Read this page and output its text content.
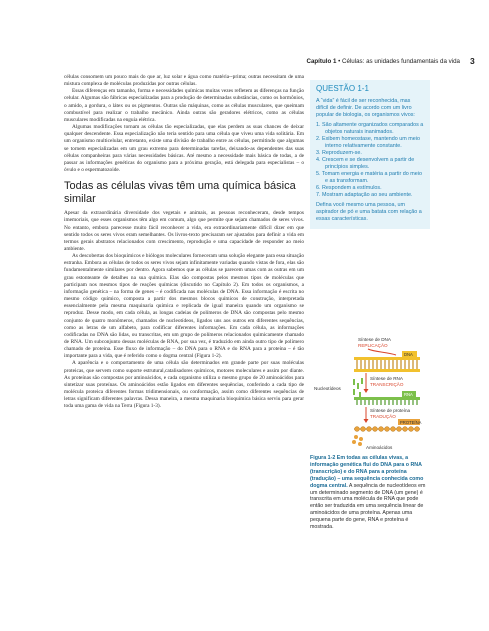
Capítulo 1 • Células: as unidades fundamentais da vida 3

células consomem um pouco mais do que ar, luz solar e água como matéria--prima; outras necessitam de uma mistura complexa de moléculas produzidas por outras células.

Essas diferenças em tamanho, forma e necessidades químicas muitas vezes refletem as diferenças na função celular. Algumas são fábricas especializadas para a produção de determinadas substâncias, como os hormônios, o amido, a gordura, o látex ou os pigmentos. Outras são máquinas, como as células musculares, que queimam combustível para realizar o trabalho mecânico. Ainda outras são geradores elétricos, como as células musculares modificadas na enguia elétrica.

Algumas modificações tornam as células tão especializadas, que elas perdem as suas chances de deixar qualquer descendente. Essa especialização não teria sentido para uma célula que viveu uma vida solitária. Em um organismo multicelular, entretanto, existe uma divisão de trabalho entre as células, permitindo que algumas se tornem especializadas em um grau extremo para determinadas tarefas, deixando-as dependentes das suas células companheiras para várias necessidades básicas. Até mesmo a necessidade mais básica de todas, a de passar as informações genéticas do organismo para a próxima geração, está delegada para especialistas – o óvulo e o espermatozoide.

Todas as células vivas têm uma química básica similar

Apesar da extraordinária diversidade dos vegetais e animais, as pessoas reconheceram, desde tempos imemoriais, que esses organismos têm algo em comum, algo que permite que sejam chamados de seres vivos. No entanto, embora parecesse muito fácil reconhecer a vida, era extraordinariamente difícil dizer em que sentido todos os seres vivos eram semelhantes. Os livros-texto precisaram ser ajustados para definir a vida em termos gerais abstratos relacionados com crescimento, reprodução e uma capacidade de responder ao meio ambiente.

As descobertas dos bioquímicos e biólogos moleculares forneceram uma solução elegante para essa situação estranha. Embora as células de todos os seres vivos sejam infinitamente variadas quando vistas de fora, elas são fundamentalmente similares por dentro. Agora sabemos que as células se parecem umas com as outras em um grau estonteante de detalhes na sua química. Elas são compostas pelos mesmos tipos de moléculas que participam nos mesmos tipos de reações químicas (discutido no Capítulo 2). Em todos os organismos, a informação genética – na forma de genes – é codificada nas moléculas de DNA. Essa informação é escrita no mesmo código químico, composta a partir dos mesmos blocos químicos de construção, interpretada essencialmente pela mesma maquinaria química e replicada de igual maneira quando um organismo se reproduz. Desse modo, em cada célula, as longas cadeias de polímeros de DNA são compostas pelo mesmo conjunto de quatro monômeros, chamados de nucleotídeos, ligados uns aos outros em diferentes sequências, como as letras de um alfabeto, para codificar diferentes informações. Em cada célula, as informações codificadas no DNA são lidas, ou transcritas, em um grupo de polímeros relacionados quimicamente chamado de RNA. Um subconjunto dessas moléculas de RNA, por sua vez, é traduzido em ainda outro tipo de polímero chamado de proteína. Esse fluxo de informação – do DNA para o RNA e do RNA para a proteína – é tão importante para a vida, que é referido como o dogma central (Figura 1-2).

A aparência e o comportamento de uma célula são determinados em grande parte por suas moléculas proteicas, que servem como suporte estrutural,catalisadores químicos, motores moleculares e assim por diante. As proteínas são compostas por aminoácidos, e cada organismo utiliza o mesmo grupo de 20 aminoácidos para sintetizar suas proteínas. Os aminoácidos estão ligados em diferentes sequências, conferindo a cada tipo de molécula proteica diferentes formas tridimensionais, ou conformação, assim como diferentes sequências de letras significam diferentes palavras. Dessa maneira, a mesma maquinaria bioquímica básica serviu para gerar toda uma gama de vida na Terra (Figura 1-3).

QUESTÃO 1-1

A “vida” é fácil de ser reconhecida, mas difícil de definir. De acordo com um livro popular de biologia, os organismos vivos:

1. São altamente organizados comparados a objetos naturais inanimados.
2. Exibem homeostase, mantendo um meio interno relativamente constante.
3. Reproduzem-se.
4. Crescem e se desenvolvem a partir de princípios simples.
5. Tomam energia e matéria a partir do meio e as transformam.
6. Respondem a estímulos.
7. Mostram adaptação ao seu ambiente.

Defina você mesmo uma pessoa, um aspirador de pó e uma batata com relação a essas características.

Síntese de DNA
REPLICAÇÃO
DNA
Nucleotídeos
Síntese de RNA
TRANSCRIÇÃO
RNA
Síntese de proteína
TRADUÇÃO
PROTEÍNA
Aminoácidos
Figura 1-2 Em todas as células vivas, a informação genética flui do DNA para o RNA (transcrição) e do RNA para a proteína (tradução) – uma sequência conhecida como dogma central. A sequência de nucleotídeos em um determinado segmento de DNA (um gene) é transcrita em uma molécula de RNA que pode então ser traduzida em uma sequência linear de aminoácidos de uma proteína. Apenas uma pequena parte do gene, RNA e proteína é mostrada.
